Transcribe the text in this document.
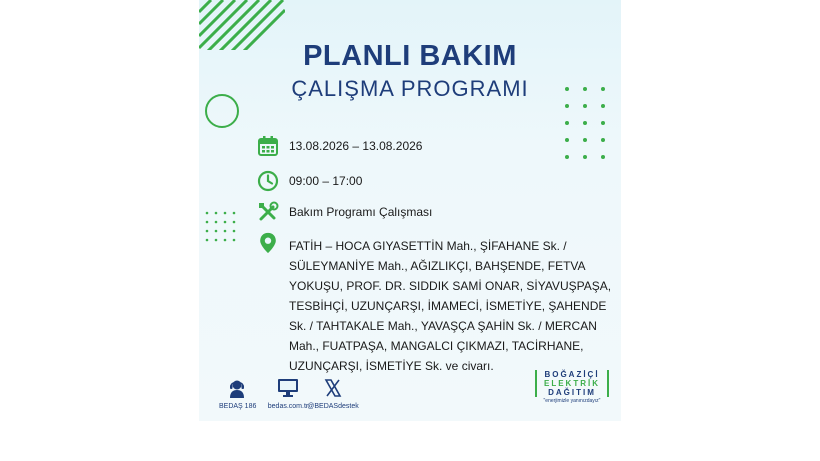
PLANLI BAKIM
ÇALIŞMA PROGRAMI
13.08.2026 – 13.08.2026
09:00 – 17:00
Bakım Programı Çalışması
FATİH – HOCA GIYASETTİN Mah., ŞİFAHANE Sk. / SÜLEYMANİYE Mah., AĞIZLIKÇI, BAHŞENDE, FETVA YOKUŞU, PROF. DR. SIDDIK SAMİ ONAR, SİYAVUŞPAŞA, TESBİHÇİ, UZUNÇARŞI, İMAMECİ, İSMETİYE, ŞAHENDE Sk. / TAHTAKALE Mah., YAVAŞÇA ŞAHİN Sk. / MERCAN Mah., FUATPAŞA, MANGALCI ÇIKMAZI, TACİRHANE, UZUNÇARŞI, İSMETİYE Sk. ve civarı.
BEDAŞ 186	bedas.com.tr @BEDASdestek
BOĞAZİÇİ
ELEKTRİK
DAĞITIM
"enerjimizle yanınızdayız"
